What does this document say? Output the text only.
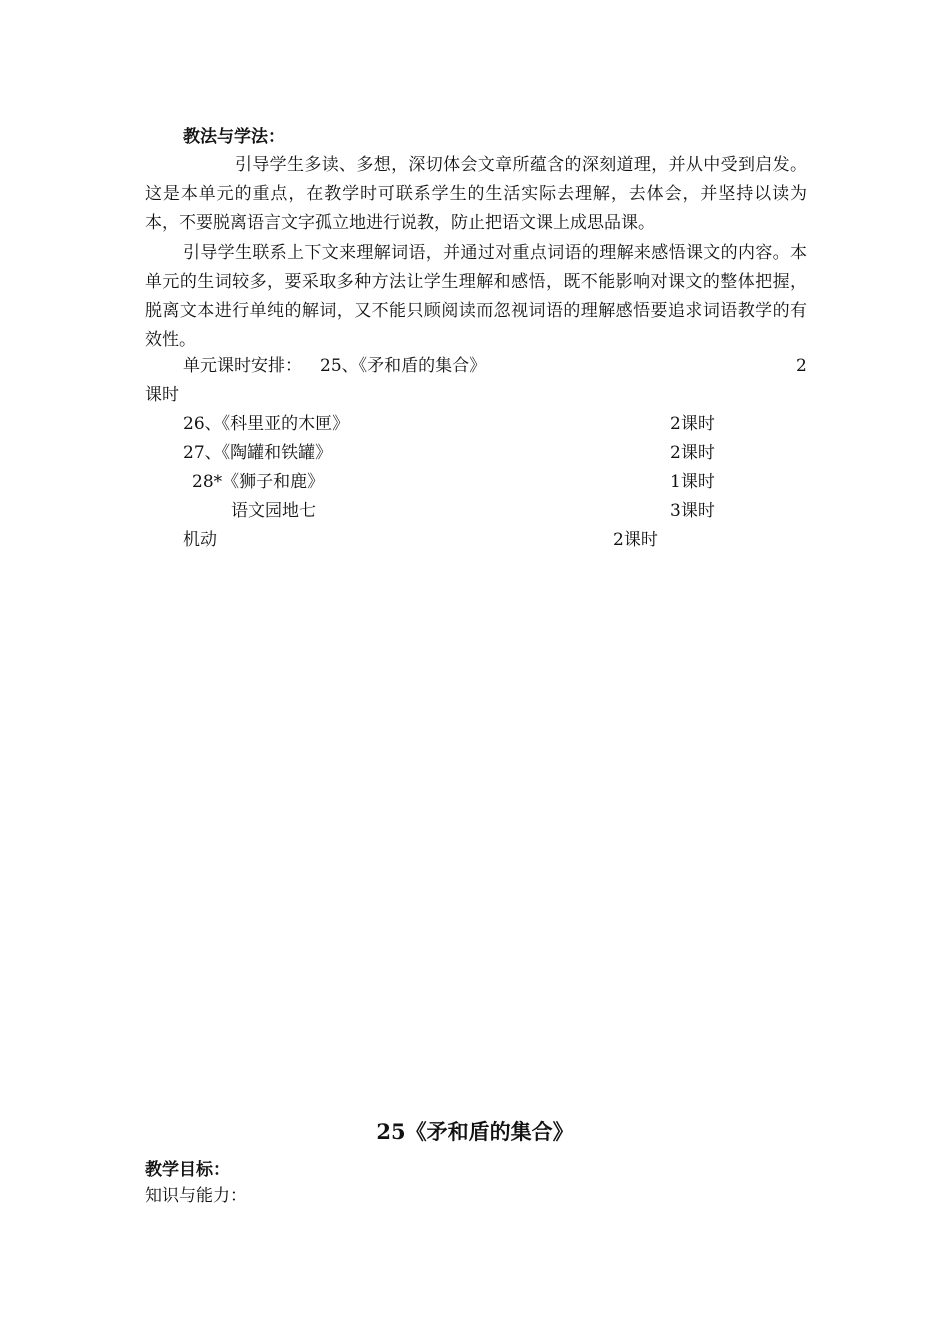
教法与学法：
引导学生多读、多想，深切体会文章所蕴含的深刻道理，并从中受到启发。这是本单元的重点，在教学时可联系学生的生活实际去理解，去体会，并坚持以读为本，不要脱离语言文字孤立地进行说教，防止把语文课上成思品课。
引导学生联系上下文来理解词语，并通过对重点词语的理解来感悟课文的内容。本单元的生词较多，要采取多种方法让学生理解和感悟，既不能影响对课文的整体把握，脱离文本进行单纯的解词，又不能只顾阅读而忽视词语的理解感悟要追求词语教学的有效性。
单元课时安排： 25、《矛和盾的集合》	2
课时
26、《科里亚的木匣》	2课时
27、《陶罐和铁罐》	2课时
28*《狮子和鹿》	1课时
语文园地七	3课时
机动	2课时
25《矛和盾的集合》
教学目标：
知识与能力：
